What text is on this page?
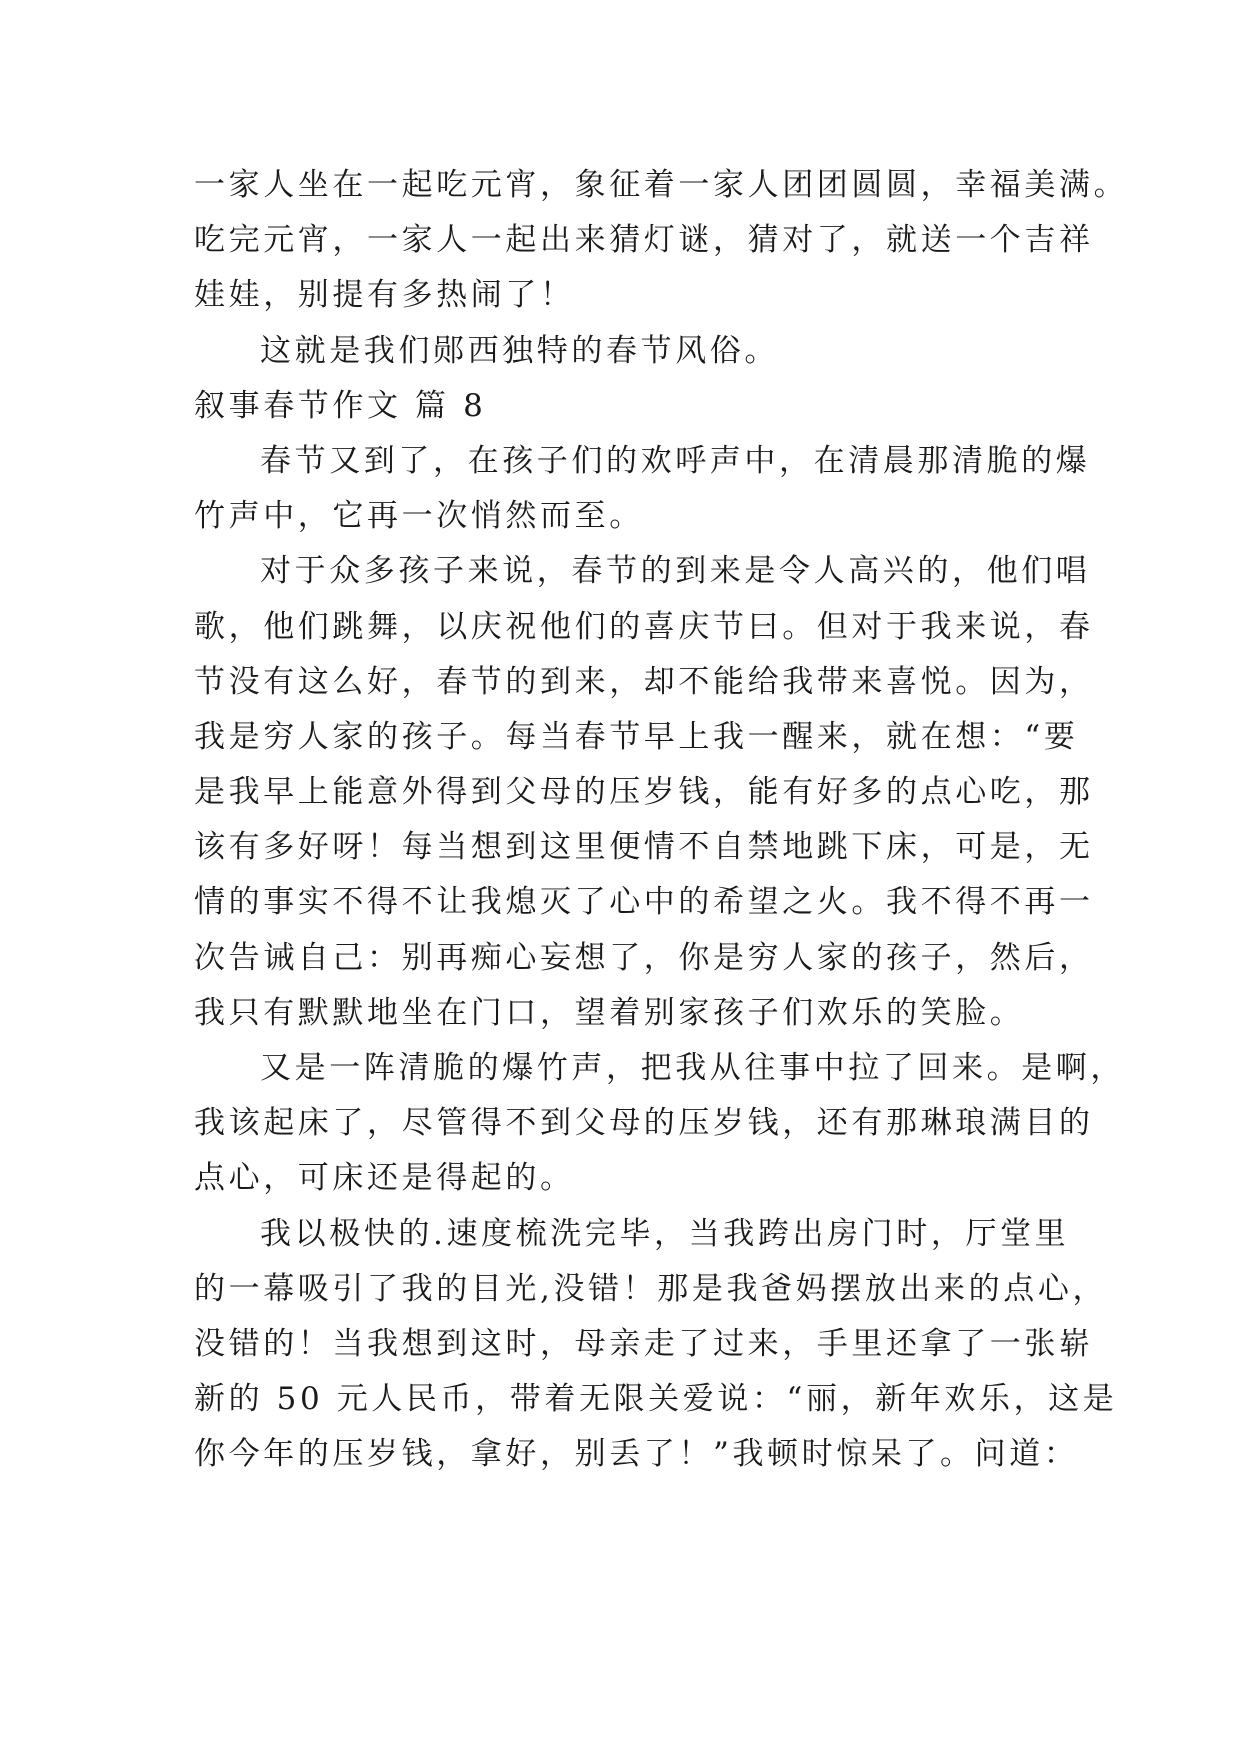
一家人坐在一起吃元宵，象征着一家人团团圆圆，幸福美满。
吃完元宵，一家人一起出来猜灯谜，猜对了，就送一个吉祥
娃娃，别提有多热闹了！
这就是我们郧西独特的春节风俗。
叙事春节作文 篇 8
春节又到了，在孩子们的欢呼声中，在清晨那清脆的爆
竹声中，它再一次悄然而至。
对于众多孩子来说，春节的到来是令人高兴的，他们唱
歌，他们跳舞，以庆祝他们的喜庆节曰。但对于我来说，春
节没有这么好，春节的到来，却不能给我带来喜悦。因为，
我是穷人家的孩子。每当春节早上我一醒来，就在想：“要
是我早上能意外得到父母的压岁钱，能有好多的点心吃，那
该有多好呀！每当想到这里便情不自禁地跳下床，可是，无
情的事实不得不让我熄灭了心中的希望之火。我不得不再一
次告诫自己：别再痴心妄想了，你是穷人家的孩子，然后，
我只有默默地坐在门口，望着别家孩子们欢乐的笑脸。
又是一阵清脆的爆竹声，把我从往事中拉了回来。是啊，
我该起床了，尽管得不到父母的压岁钱，还有那琳琅满目的
点心，可床还是得起的。
我以极快的.速度梳洗完毕，当我跨出房门时，厅堂里
的一幕吸引了我的目光,没错！那是我爸妈摆放出来的点心，
没错的！当我想到这时，母亲走了过来，手里还拿了一张崭
新的 50 元人民币，带着无限关爱说：“丽，新年欢乐，这是
你今年的压岁钱，拿好，别丢了！”我顿时惊呆了。问道：
